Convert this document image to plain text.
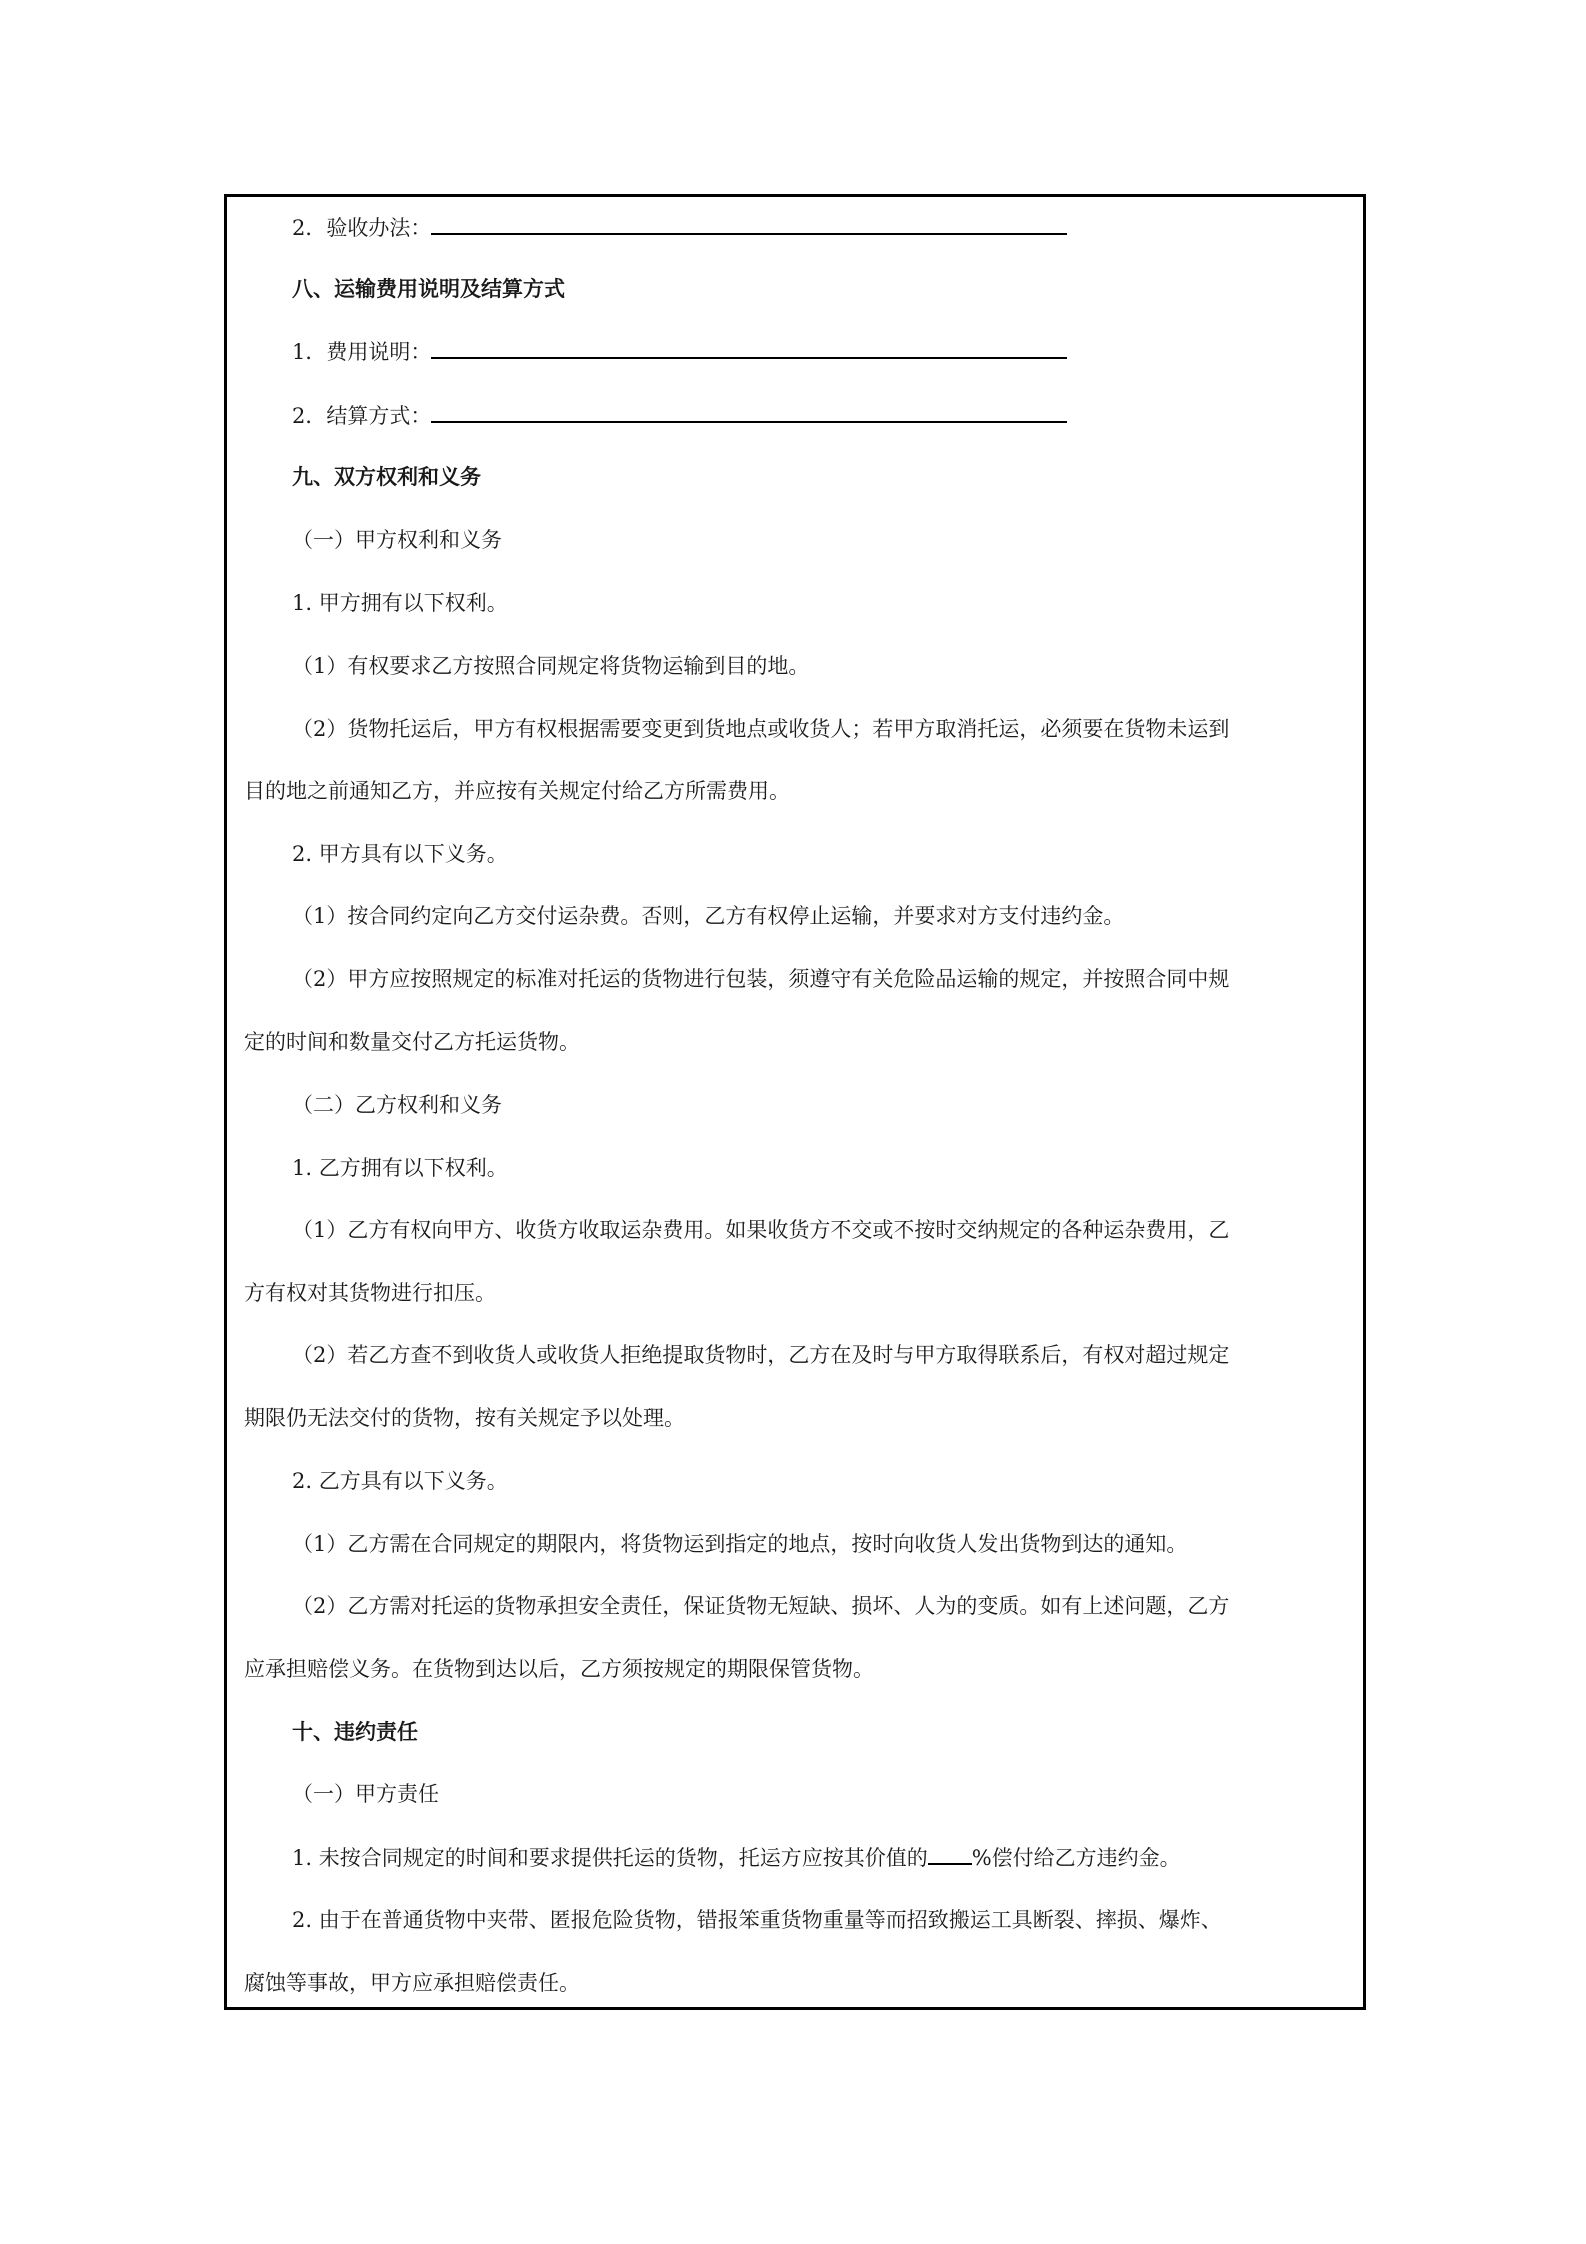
2．验收办法：
八、运输费用说明及结算方式
1．费用说明：
2．结算方式：
九、双方权利和义务
（一）甲方权利和义务
1. 甲方拥有以下权利。
（1）有权要求乙方按照合同规定将货物运输到目的地。
（2）货物托运后，甲方有权根据需要变更到货地点或收货人；若甲方取消托运，必须要在货物未运到
目的地之前通知乙方，并应按有关规定付给乙方所需费用。
2. 甲方具有以下义务。
（1）按合同约定向乙方交付运杂费。否则，乙方有权停止运输，并要求对方支付违约金。
（2）甲方应按照规定的标准对托运的货物进行包装，须遵守有关危险品运输的规定，并按照合同中规
定的时间和数量交付乙方托运货物。
（二）乙方权利和义务
1. 乙方拥有以下权利。
（1）乙方有权向甲方、收货方收取运杂费用。如果收货方不交或不按时交纳规定的各种运杂费用，乙
方有权对其货物进行扣压。
（2）若乙方查不到收货人或收货人拒绝提取货物时，乙方在及时与甲方取得联系后，有权对超过规定
期限仍无法交付的货物，按有关规定予以处理。
2. 乙方具有以下义务。
（1）乙方需在合同规定的期限内，将货物运到指定的地点，按时向收货人发出货物到达的通知。
（2）乙方需对托运的货物承担安全责任，保证货物无短缺、损坏、人为的变质。如有上述问题，乙方
应承担赔偿义务。在货物到达以后，乙方须按规定的期限保管货物。
十、违约责任
（一）甲方责任
1. 未按合同规定的时间和要求提供托运的货物，托运方应按其价值的 %偿付给乙方违约金。
2. 由于在普通货物中夹带、匿报危险货物，错报笨重货物重量等而招致搬运工具断裂、摔损、爆炸、
腐蚀等事故，甲方应承担赔偿责任。
